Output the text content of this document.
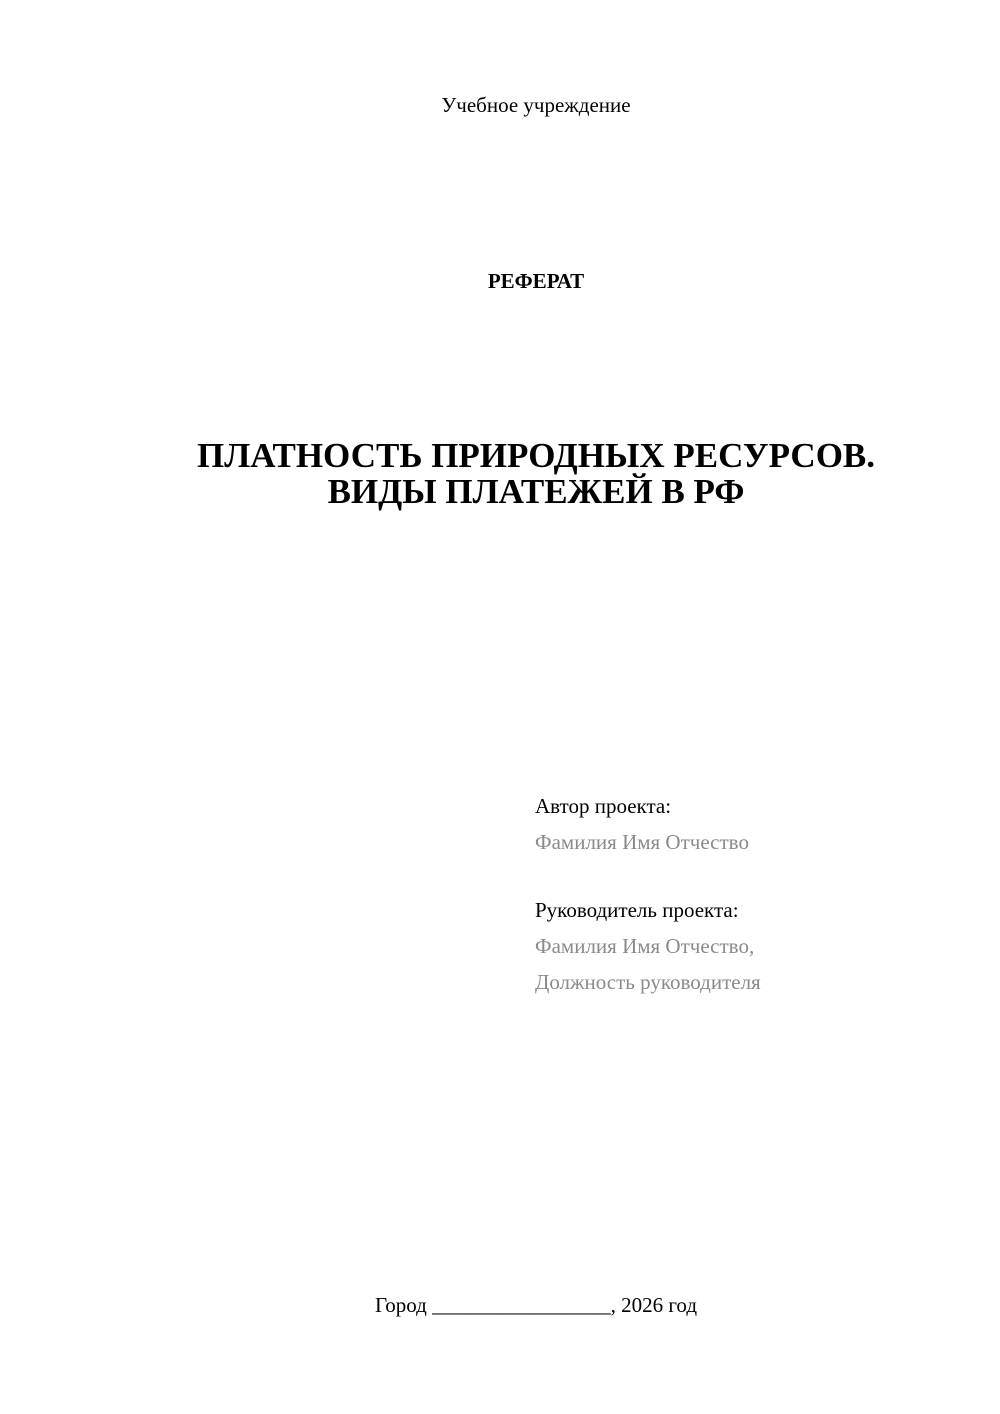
Учебное учреждение
РЕФЕРАТ
ПЛАТНОСТЬ ПРИРОДНЫХ РЕСУРСОВ.
ВИДЫ ПЛАТЕЖЕЙ В РФ
Автор проекта:
Фамилия Имя Отчество
Руководитель проекта:
Фамилия Имя Отчество,
Должность руководителя
Город _________________, 2026 год
